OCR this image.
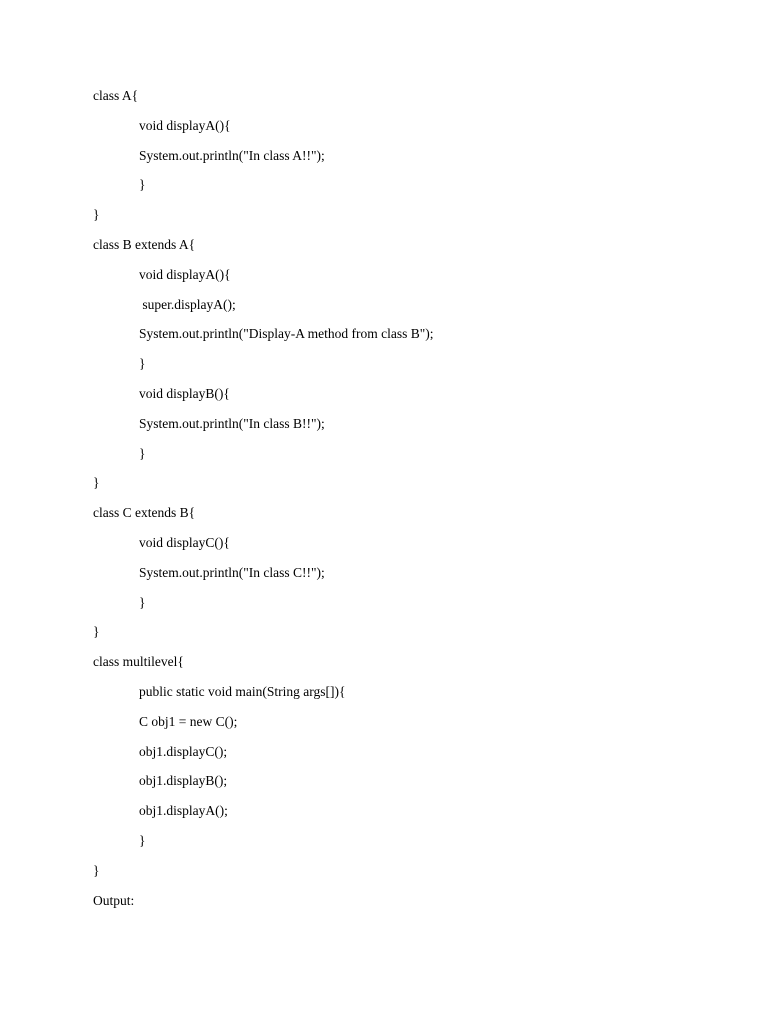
class A{
void displayA(){
System.out.println("In class A!!");
}
}
class B extends A{
void displayA(){
super.displayA();
System.out.println("Display-A method from class B");
}
void displayB(){
System.out.println("In class B!!");
}
}
class C extends B{
void displayC(){
System.out.println("In class C!!");
}
}
class multilevel{
public static void main(String args[]){
C obj1 = new C();
obj1.displayC();
obj1.displayB();
obj1.displayA();
}
}
Output:
